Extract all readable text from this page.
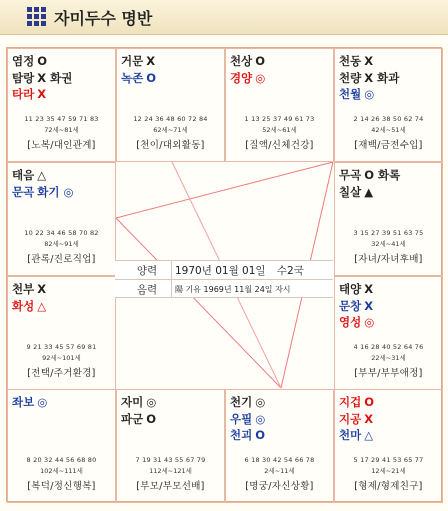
자미두수 명반
염정 O
탐랑 X 화권
타라 X
11 23 35 47 59 71 83
72세~81세
[노복/대인관계]
거문 X
녹존 O
12 24 36 48 60 72 84
62세~71세
[천이/대외활동]
천상 O
경양 ◎
1 13 25 37 49 61 73
52세~61세
[질액/신체건강]
천동 X
천량 X 화과
천월 ◎
2 14 26 38 50 62 74
42세~51세
[재백/금전수입]
태음 △
문곡 화기 ◎
10 22 34 46 58 70 82
82세~91세
[관록/진로직업]
무곡 O 화록
칠살 ▲
3 15 27 39 51 63 75
32세~41세
[자녀/자녀후배]
천부 X
화성 △
9 21 33 45 57 69 81
92세~101세
[전택/주거환경]
태양 X
문창 X
영성 ◎
4 16 28 40 52 64 76
22세~31세
[부부/부부애정]
좌보 ◎
8 20 32 44 56 68 80
102세~111세
[복덕/정신행복]
자미 ◎
파군 O
7 19 31 43 55 67 79
112세~121세
[부모/부모선배]
천기 ◎
우필 ◎
천괴 O
6 18 30 42 54 66 78
2세~11세
[명궁/자신상황]
지겁 O
지공 X
천마 △
5 17 29 41 53 65 77
12세~21세
[형제/형제친구]
양력	1970년 01월 01일 수2국
음력	陽 기유 1969년 11월 24일 자시
